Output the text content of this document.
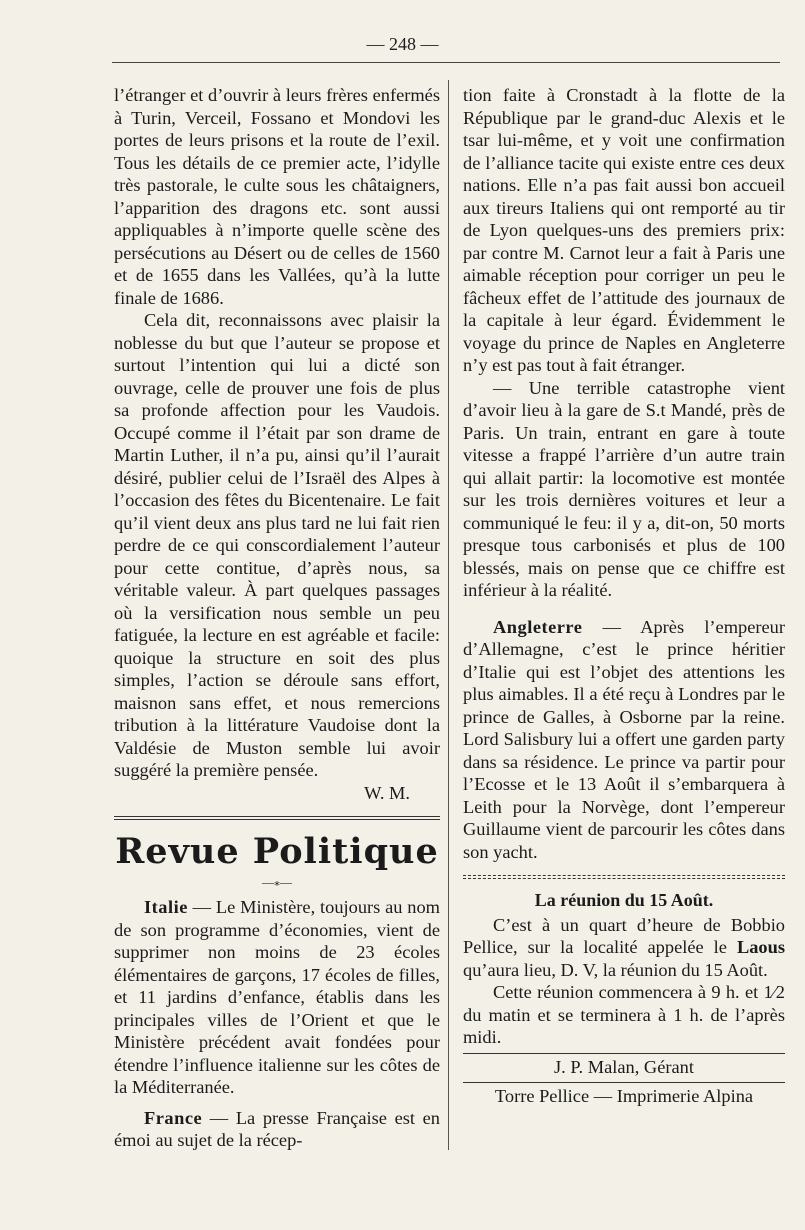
— 248 —

l’étranger et d’ouvrir à leurs frères enfermés à Turin, Verceil, Fossano et Mondovi les portes de leurs prisons et la route de l’exil. Tous les détails de ce premier acte, l’idylle très pastorale, le culte sous les châtaigners, l’apparition des dragons etc. sont aussi appliquables à n’importe quelle scène des persécutions au Désert ou de celles de 1560 et de 1655 dans les Vallées, qu’à la lutte finale de 1686.

Cela dit, reconnaissons avec plaisir la noblesse du but que l’auteur se propose et surtout l’intention qui lui a dicté son ouvrage, celle de prouver une fois de plus sa profonde affection pour les Vaudois. Occupé comme il l’était par son drame de Martin Luther, il n’a pu, ainsi qu’il l’aurait désiré, publier celui de l’Israël des Alpes à l’occasion des fêtes du Bicentenaire. Le fait qu’il vient deux ans plus tard ne lui fait rien perdre de ce qui conscordialement l’auteur pour cette contitue, d’après nous, sa véritable valeur. À part quelques passages où la versification nous semble un peu fatiguée, la lecture en est agréable et facile: quoique la structure en soit des plus simples, l’action se déroule sans effort, maisnon sans effet, et nous remercions tribution à la littérature Vaudoise dont la Valdésie de Muston semble lui avoir suggéré la première pensée.

W. M.

Revue Politique
—⁎—

Italie — Le Ministère, toujours au nom de son programme d’économies, vient de supprimer non moins de 23 écoles élémentaires de garçons, 17 écoles de filles, et 11 jardins d’enfance, établis dans les principales villes de l’Orient et que le Ministère précédent avait fondées pour étendre l’influence italienne sur les côtes de la Méditerranée.

France — La presse Française est en émoi au sujet de la récep-

tion faite à Cronstadt à la flotte de la République par le grand-duc Alexis et le tsar lui-même, et y voit une confirmation de l’alliance tacite qui existe entre ces deux nations. Elle n’a pas fait aussi bon accueil aux tireurs Italiens qui ont remporté au tir de Lyon quelques-uns des premiers prix: par contre M. Carnot leur a fait à Paris une aimable réception pour corriger un peu le fâcheux effet de l’attitude des journaux de la capitale à leur égard. Évidemment le voyage du prince de Naples en Angleterre n’y est pas tout à fait étranger.

— Une terrible catastrophe vient d’avoir lieu à la gare de S.t Mandé, près de Paris. Un train, entrant en gare à toute vitesse a frappé l’arrière d’un autre train qui allait partir: la locomotive est montée sur les trois dernières voitures et leur a communiqué le feu: il y a, dit-on, 50 morts presque tous carbonisés et plus de 100 blessés, mais on pense que ce chiffre est inférieur à la réalité.

Angleterre — Après l’empereur d’Allemagne, c’est le prince héritier d’Italie qui est l’objet des attentions les plus aimables. Il a été reçu à Londres par le prince de Galles, à Osborne par la reine. Lord Salisbury lui a offert une garden party dans sa résidence. Le prince va partir pour l’Ecosse et le 13 Août il s’embarquera à Leith pour la Norvège, dont l’empereur Guillaume vient de parcourir les côtes dans son yacht.

La réunion du 15 Août.

C’est à un quart d’heure de Bobbio Pellice, sur la localité appelée le Laous qu’aura lieu, D. V, la réunion du 15 Août.

Cette réunion commencera à 9 h. et 1⁄2 du matin et se terminera à 1 h. de l’après midi.

J. P. Malan, Gérant

Torre Pellice — Imprimerie Alpina
